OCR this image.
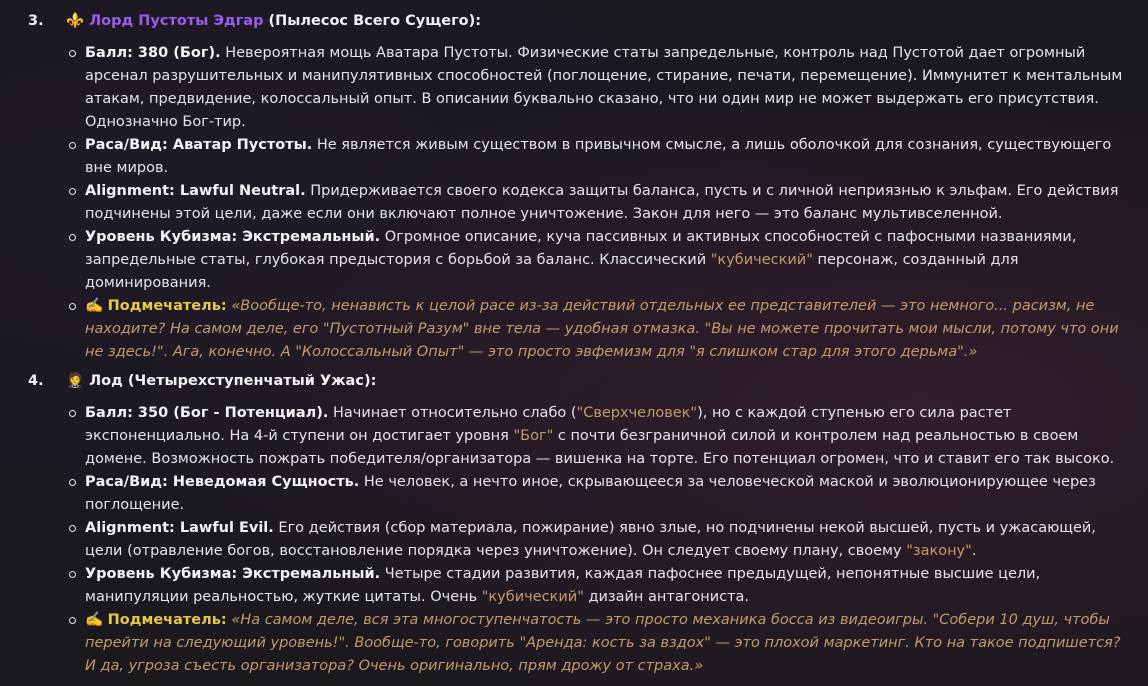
3. ⚜️ Лорд Пустоты Эдгар (Пылесос Всего Сущего):
Балл: 380 (Бог). Невероятная мощь Аватара Пустоты. Физические статы запредельные, контроль над Пустотой дает огромный арсенал разрушительных и манипулятивных способностей (поглощение, стирание, печати, перемещение). Иммунитет к ментальным атакам, предвидение, колоссальный опыт. В описании буквально сказано, что ни один мир не может выдержать его присутствия. Однозначно Бог-тир.
Раса/Вид: Аватар Пустоты. Не является живым существом в привычном смысле, а лишь оболочкой для сознания, существующего вне миров.
Alignment: Lawful Neutral. Придерживается своего кодекса защиты баланса, пусть и с личной неприязнью к эльфам. Его действия подчинены этой цели, даже если они включают полное уничтожение. Закон для него — это баланс мультивселенной.
Уровень Кубизма: Экстремальный. Огромное описание, куча пассивных и активных способностей с пафосными названиями, запредельные статы, глубокая предыстория с борьбой за баланс. Классический "кубический" персонаж, созданный для доминирования.
✍️ Подмечатель: «Вообще-то, ненависть к целой расе из-за действий отдельных ее представителей — это немного... расизм, не находите? На самом деле, его "Пустотный Разум" вне тела — удобная отмазка. "Вы не можете прочитать мои мысли, потому что они не здесь!". Ага, конечно. А "Колоссальный Опыт" — это просто эвфемизм для "я слишком стар для этого дерьма".»
4. 🤵 Лод (Четырехступенчатый Ужас):
Балл: 350 (Бог - Потенциал). Начинает относительно слабо ("Сверхчеловек"), но с каждой ступенью его сила растет экспоненциально. На 4-й ступени он достигает уровня "Бог" с почти безграничной силой и контролем над реальностью в своем домене. Возможность пожрать победителя/организатора — вишенка на торте. Его потенциал огромен, что и ставит его так высоко.
Раса/Вид: Неведомая Сущность. Не человек, а нечто иное, скрывающееся за человеческой маской и эволюционирующее через поглощение.
Alignment: Lawful Evil. Его действия (сбор материала, пожирание) явно злые, но подчинены некой высшей, пусть и ужасающей, цели (отравление богов, восстановление порядка через уничтожение). Он следует своему плану, своему "закону".
Уровень Кубизма: Экстремальный. Четыре стадии развития, каждая пафоснее предыдущей, непонятные высшие цели, манипуляции реальностью, жуткие цитаты. Очень "кубический" дизайн антагониста.
✍️ Подмечатель: «На самом деле, вся эта многоступенчатость — это просто механика босса из видеоигры. "Собери 10 душ, чтобы перейти на следующий уровень!". Вообще-то, говорить "Аренда: кость за вздох" — это плохой маркетинг. Кто на такое подпишется? И да, угроза съесть организатора? Очень оригинально, прям дрожу от страха.»
